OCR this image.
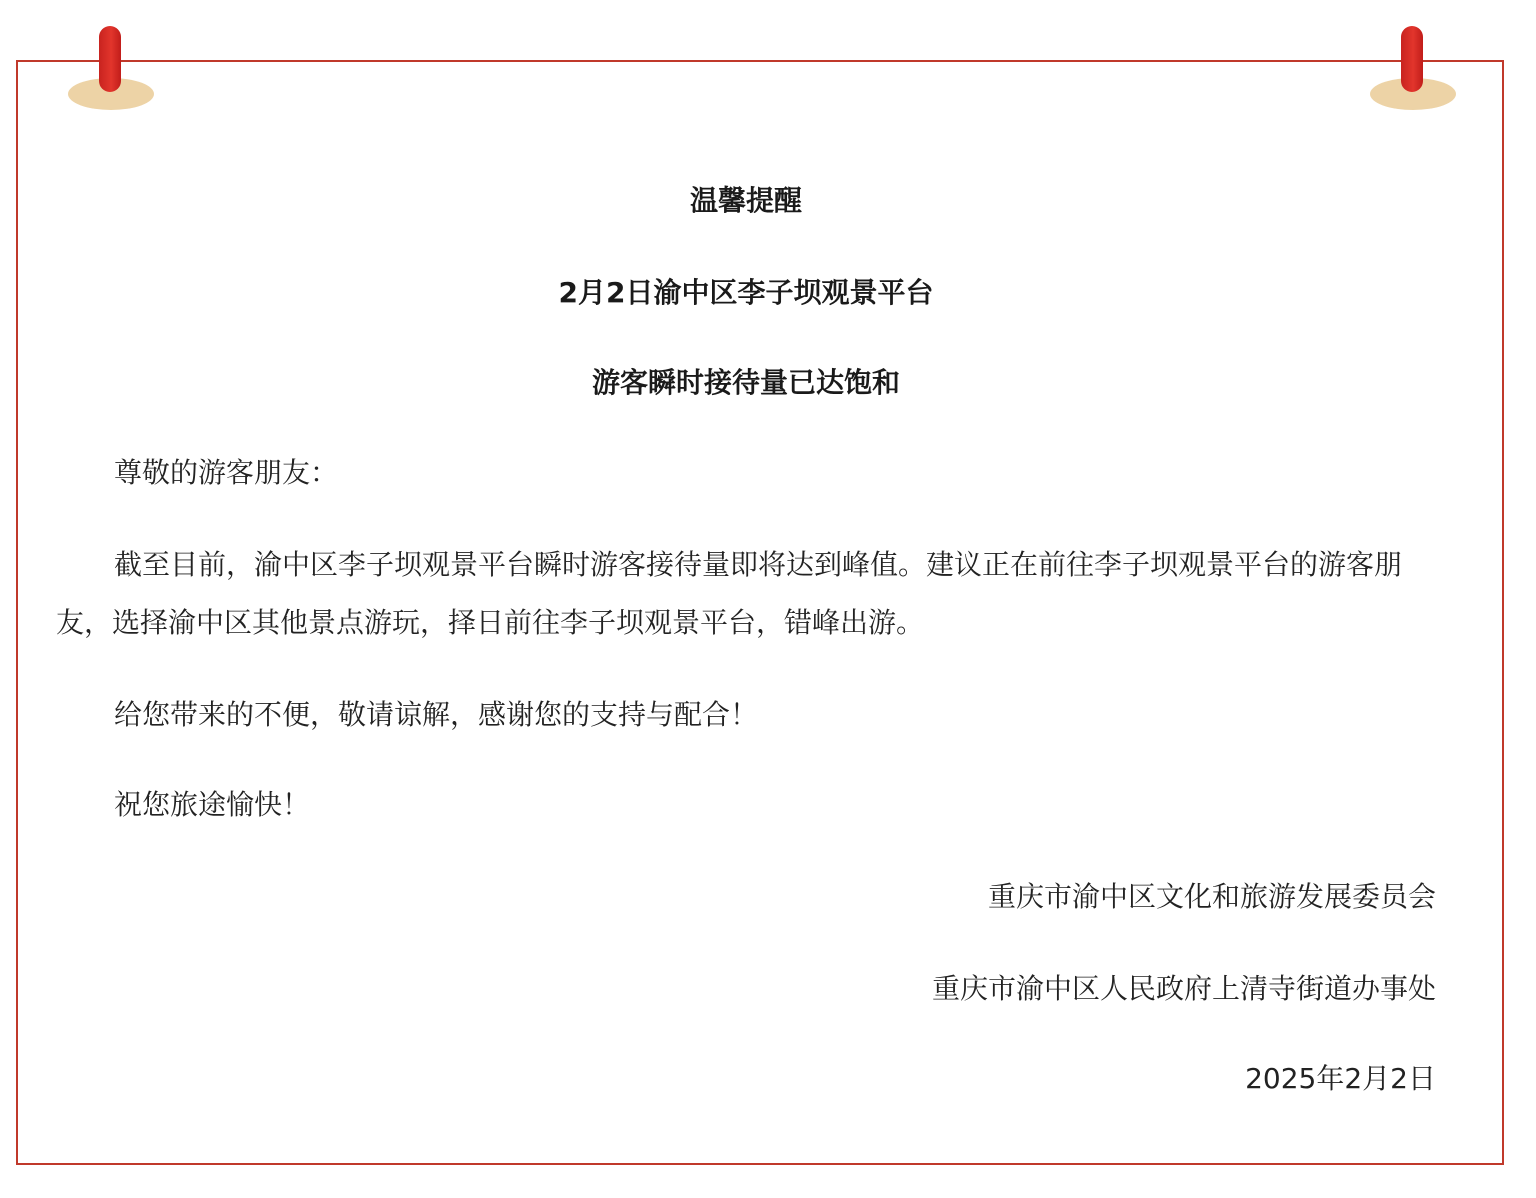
温馨提醒
2月2日渝中区李子坝观景平台
游客瞬时接待量已达饱和
尊敬的游客朋友：
截至目前，渝中区李子坝观景平台瞬时游客接待量即将达到峰值。建议正在前往李子坝观景平台的游客朋友，选择渝中区其他景点游玩，择日前往李子坝观景平台，错峰出游。
给您带来的不便，敬请谅解，感谢您的支持与配合！
祝您旅途愉快！
重庆市渝中区文化和旅游发展委员会
重庆市渝中区人民政府上清寺街道办事处
2025年2月2日
